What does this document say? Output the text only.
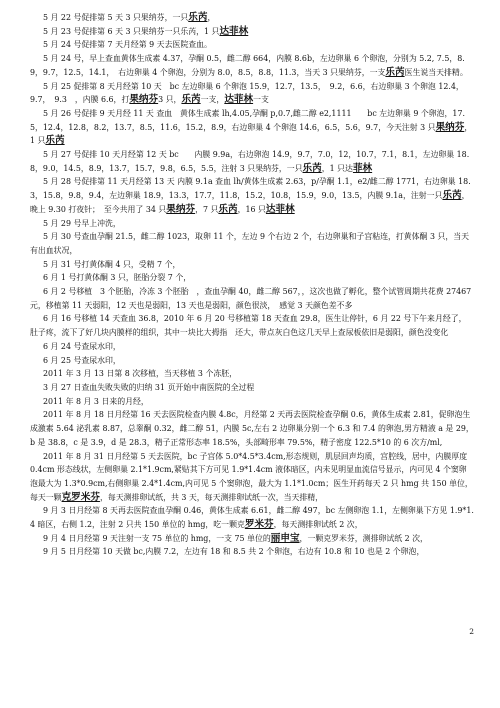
5 月 22 号促排第 5 天 3 只果纳芬，一只乐芮，

5 月 23 号促排第 6 天 3 只果纳芬一只乐芮，1 只达菲林

5 月 24 号促排第 7 天月经第 9 天去医院查血。

5 月 24 号，早上查血黄体生成素 4.37，孕酮 0.5，雌二醇 664，内膜 8.6b，左边卵巢 6 个卵泡，分别为 5.2, 7.5，8.9，9.7，12.5，14.1，　右边卵巢 4 个卵泡，分别为 8.0，8.5，8.8，11.3，当天 3 只果纳芬，一支乐芮医生说当天排精。

5 月 25 促排第 8 天月经第 10 天　bc 左边卵巢 6 个卵泡 15.9，12.7，13.5，　9.2，6.6，右边卵巢 3 个卵泡 12.4，　9.7，　9.3　，内膜 6.6，打果纳芬3 只，乐芮一支，达菲林一支

5 月 26 号促排 9 天月经 11 天 查血　黄体生成素 lh,4.05,孕酮 p,0.7,雌二醇 e2,1111　　bc 左边卵巢 9 个卵泡，17.5，12.4，12.8，8.2，13.7，8.5，11.6，15.2，8.9，右边卵巢 4 个卵泡 14.6，6.5，5.6，9.7，今天注射 3 只果纳芬，1 只乐芮

5 月 27 号促排 10 天月经第 12 天 bc　　内膜 9.9a，右边卵泡 14.9，9.7，7.0，12，10.7，7.1，8.1，左边卵巢 18.8，9.0，14.5，8.9，13.7，15.7，9.8，6.5，5.5，注射 3 只果纳芬，一只乐芮，1 只达菲林

5 月 28 号促排第 11 天月经第 13 天 内膜 9.1a 查血 lh/黄体生成素 2.63，p/孕酮 1.1，e2/雌二醇 1771，右边卵巢 18.3，15.8，9.8，9.4，左边卵巢 18.9，13.3，17.7，11.8，15.2，10.8，15.9，9.0，13.5，内膜 9.1a，注射一只乐芮，晚上 9.30 打夜针；　至今共用了 34 只果纳芬，7 只乐芮，16 只达菲林

5 月 29 号早上冲洗，

5 月 30 号查血孕酮 21.5，雌二醇 1023，取卵 11 个，左边 9 个右边 2 个，右边卵巢和子宫粘连，打黄体酮 3 只，当天有出血状况，

5 月 31 号打黄体酮 4 只，受精 7 个，

6 月 1 号打黄体酮 3 只，胚胎分裂 7 个，

6 月 2 号移植　3 个胚胎，冷冻 3 个胚胎　，查血孕酮 40，雌二醇 567，，这次也做了孵化，整个试管周期共花费 27467 元，移植第 11 天弱阳，12 天也是弱阳，13 天也是弱阳，颜色很淡，　感觉 3 天颜色差不多

6 月 16 号移植 14 天查血 36.8，2010 年 6 月 20 号移植第 18 天查血 29.8，医生让停针，6 月 22 号下午来月经了，肚子疼，流下了好几块内膜样的组织，其中一块比大拇指　还大，带点灰白色这几天早上查尿板依旧是弱阳，颜色没变化

6 月 24 号查尿水印，

6 月 25 号查尿水印，

2011 年 3 月 13 日第 8 次移植，当天移植 3 个冻胚，

3 月 27 日查血失败失败的归纳 31 页开始中南医院的全过程

2011 年 8 月 3 日来的月经，

2011 年 8 月 18 日月经第 16 天去医院检查内膜 4.8c，月经第 2 天再去医院检查孕酮 0.6，黄体生成素 2.81，促卵泡生成激素 5.64 泌乳素 8.87，总睾酮 0.32，雌二醇 51，内膜 5c,左右 2 边卵巢分别一个 6.3 和 7.4 的卵泡,男方精液 a 是 29，b 是 38.8，c 是 3.9，d 是 28.3，精子正常形态率 18.5%，头部畸形率 79.5%，精子密度 122.5*10 的 6 次方/ml,

2011 年 8 月 31 日月经第 5 天去医院，bc 子宫体 5.0*4.5*3.4cm,形态规则，肌层回声均质，宫腔线，居中，内膜厚度 0.4cm 形态线状，左侧卵巢 2.1*1.9cm,紧贴其下方可见 1.9*1.4cm 液体暗区，内未见明显血流信号显示，内可见 4 个窦卵泡最大为 1.3*0.9cm,右侧卵巢 2.4*1.4cm,内可见 5 个窦卵泡，最大为 1.1*1.0cm；医生开药每天 2 只 hmg 共 150 单位，每天一颗克罗米芬，每天测排卵试纸，共 3 天，每天测排卵试纸一次，当天排精，

9 月 3 日月经第 8 天再去医院查血孕酮 0.46，黄体生成素 6.61，雌二醇 497，bc 左侧卵泡 1.1，左侧卵巢下方见 1.9*1.4 暗区，右侧 1.2，注射 2 只共 150 单位的 hmg，吃一颗克罗米芬，每天测排卵试纸 2 次，

9 月 4 日月经第 9 天注射一支 75 单位的 hmg，一支 75 单位的丽申宝，一颗克罗米芬，测排卵试纸 2 次，

9 月 5 日月经第 10 天做 bc,内膜 7.2，左边有 18 和 8.5 共 2 个卵泡，右边有 10.8 和 10 也是 2 个卵泡，

2
